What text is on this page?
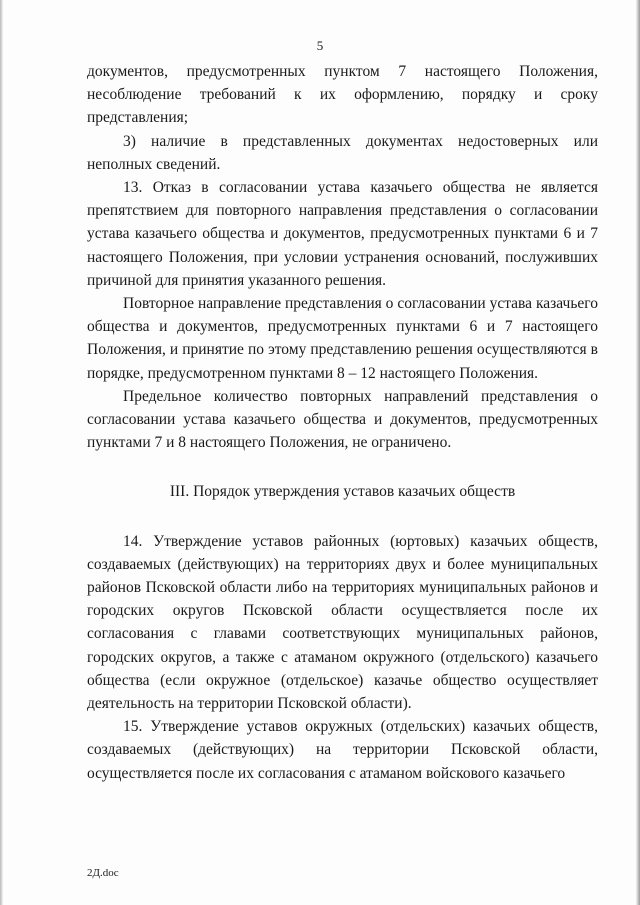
5

документов, предусмотренных пунктом 7 настоящего Положения, несоблюдение требований к их оформлению, порядку и сроку представления;

3) наличие в представленных документах недостоверных или неполных сведений.

13. Отказ в согласовании устава казачьего общества не является препятствием для повторного направления представления о согласовании устава казачьего общества и документов, предусмотренных пунктами 6 и 7 настоящего Положения, при условии устранения оснований, послуживших причиной для принятия указанного решения.

Повторное направление представления о согласовании устава казачьего общества и документов, предусмотренных пунктами 6 и 7 настоящего Положения, и принятие по этому представлению решения осуществляются в порядке, предусмотренном пунктами 8 – 12 настоящего Положения.

Предельное количество повторных направлений представления о согласовании устава казачьего общества и документов, предусмотренных пунктами 7 и 8 настоящего Положения, не ограничено.

III. Порядок утверждения уставов казачьих обществ

14. Утверждение уставов районных (юртовых) казачьих обществ, создаваемых (действующих) на территориях двух и более муниципальных районов Псковской области либо на территориях муниципальных районов и городских округов Псковской области осуществляется после их согласования с главами соответствующих муниципальных районов, городских округов, а также с атаманом окружного (отдельского) казачьего общества (если окружное (отдельское) казачье общество осуществляет деятельность на территории Псковской области).

15. Утверждение уставов окружных (отдельских) казачьих обществ, создаваемых (действующих) на территории Псковской области, осуществляется после их согласования с атаманом войскового казачьего

2Д.doc
